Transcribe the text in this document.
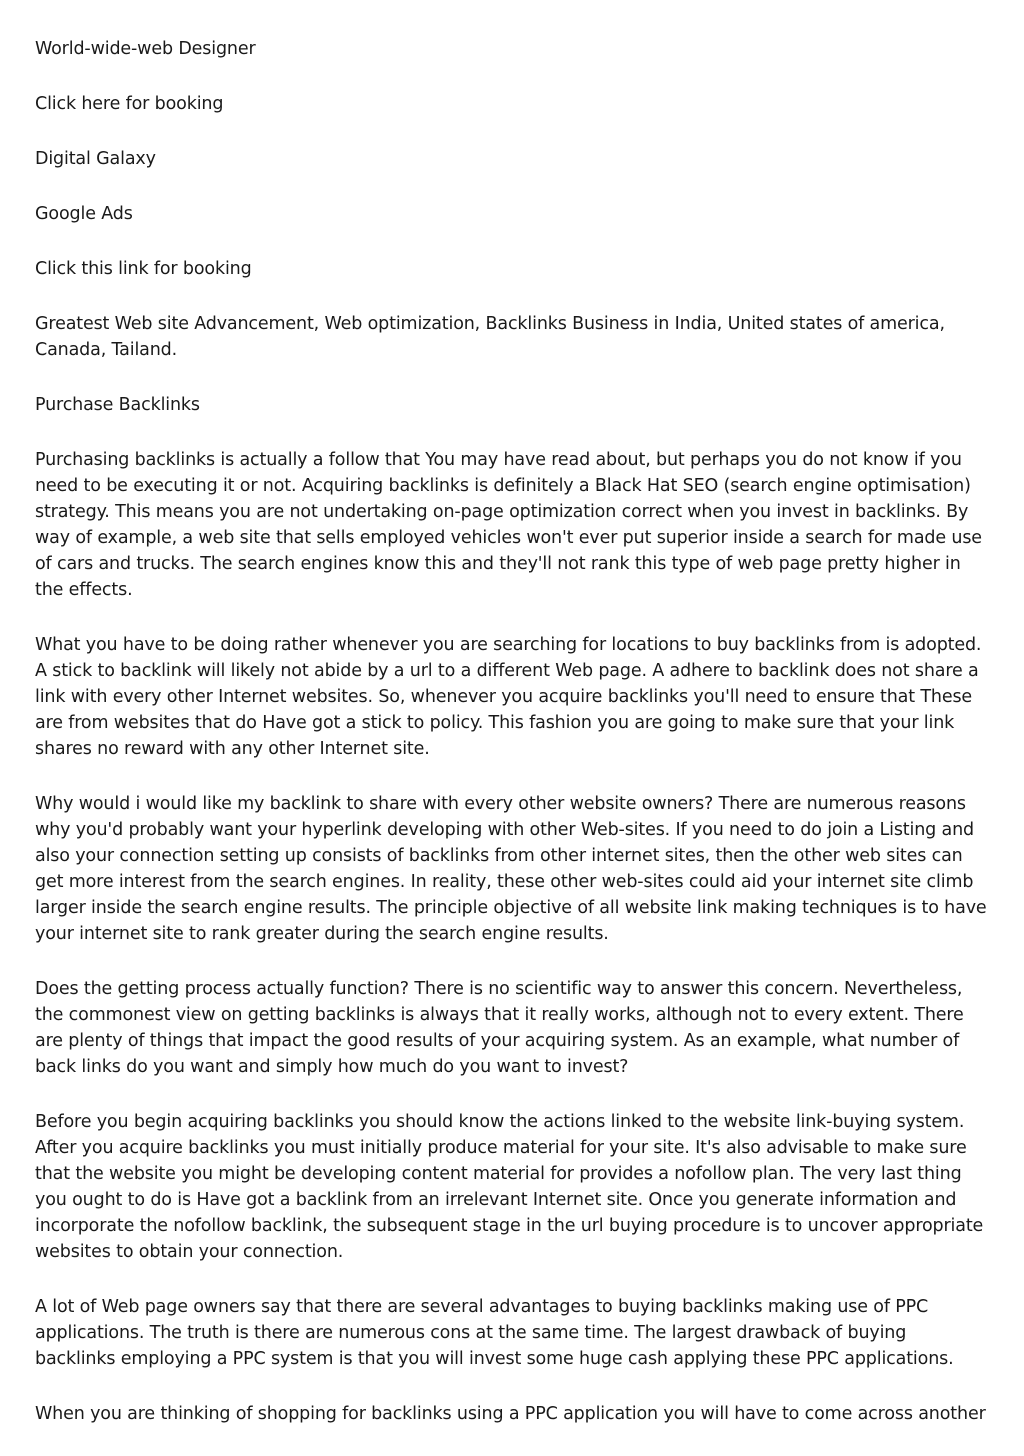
World-wide-web Designer

Click here for booking

Digital Galaxy

Google Ads

Click this link for booking

Greatest Web site Advancement, Web optimization, Backlinks Business in India, United states of america, Canada, Tailand.

Purchase Backlinks

Purchasing backlinks is actually a follow that You may have read about, but perhaps you do not know if you need to be executing it or not. Acquiring backlinks is definitely a Black Hat SEO (search engine optimisation) strategy. This means you are not undertaking on-page optimization correct when you invest in backlinks. By way of example, a web site that sells employed vehicles won't ever put superior inside a search for made use of cars and trucks. The search engines know this and they'll not rank this type of web page pretty higher in the effects.

What you have to be doing rather whenever you are searching for locations to buy backlinks from is adopted. A stick to backlink will likely not abide by a url to a different Web page. A adhere to backlink does not share a link with every other Internet websites. So, whenever you acquire backlinks you'll need to ensure that These are from websites that do Have got a stick to policy. This fashion you are going to make sure that your link shares no reward with any other Internet site.

Why would i would like my backlink to share with every other website owners? There are numerous reasons why you'd probably want your hyperlink developing with other Web-sites. If you need to do join a Listing and also your connection setting up consists of backlinks from other internet sites, then the other web sites can get more interest from the search engines. In reality, these other web-sites could aid your internet site climb larger inside the search engine results. The principle objective of all website link making techniques is to have your internet site to rank greater during the search engine results.

Does the getting process actually function? There is no scientific way to answer this concern. Nevertheless, the commonest view on getting backlinks is always that it really works, although not to every extent. There are plenty of things that impact the good results of your acquiring system. As an example, what number of back links do you want and simply how much do you want to invest?

Before you begin acquiring backlinks you should know the actions linked to the website link-buying system. After you acquire backlinks you must initially produce material for your site. It's also advisable to make sure that the website you might be developing content material for provides a nofollow plan. The very last thing you ought to do is Have got a backlink from an irrelevant Internet site. Once you generate information and incorporate the nofollow backlink, the subsequent stage in the url buying procedure is to uncover appropriate websites to obtain your connection.

A lot of Web page owners say that there are several advantages to buying backlinks making use of PPC applications. The truth is there are numerous cons at the same time. The largest drawback of buying backlinks employing a PPC system is that you will invest some huge cash applying these PPC applications.

When you are thinking of shopping for backlinks using a PPC application you will have to come across another
